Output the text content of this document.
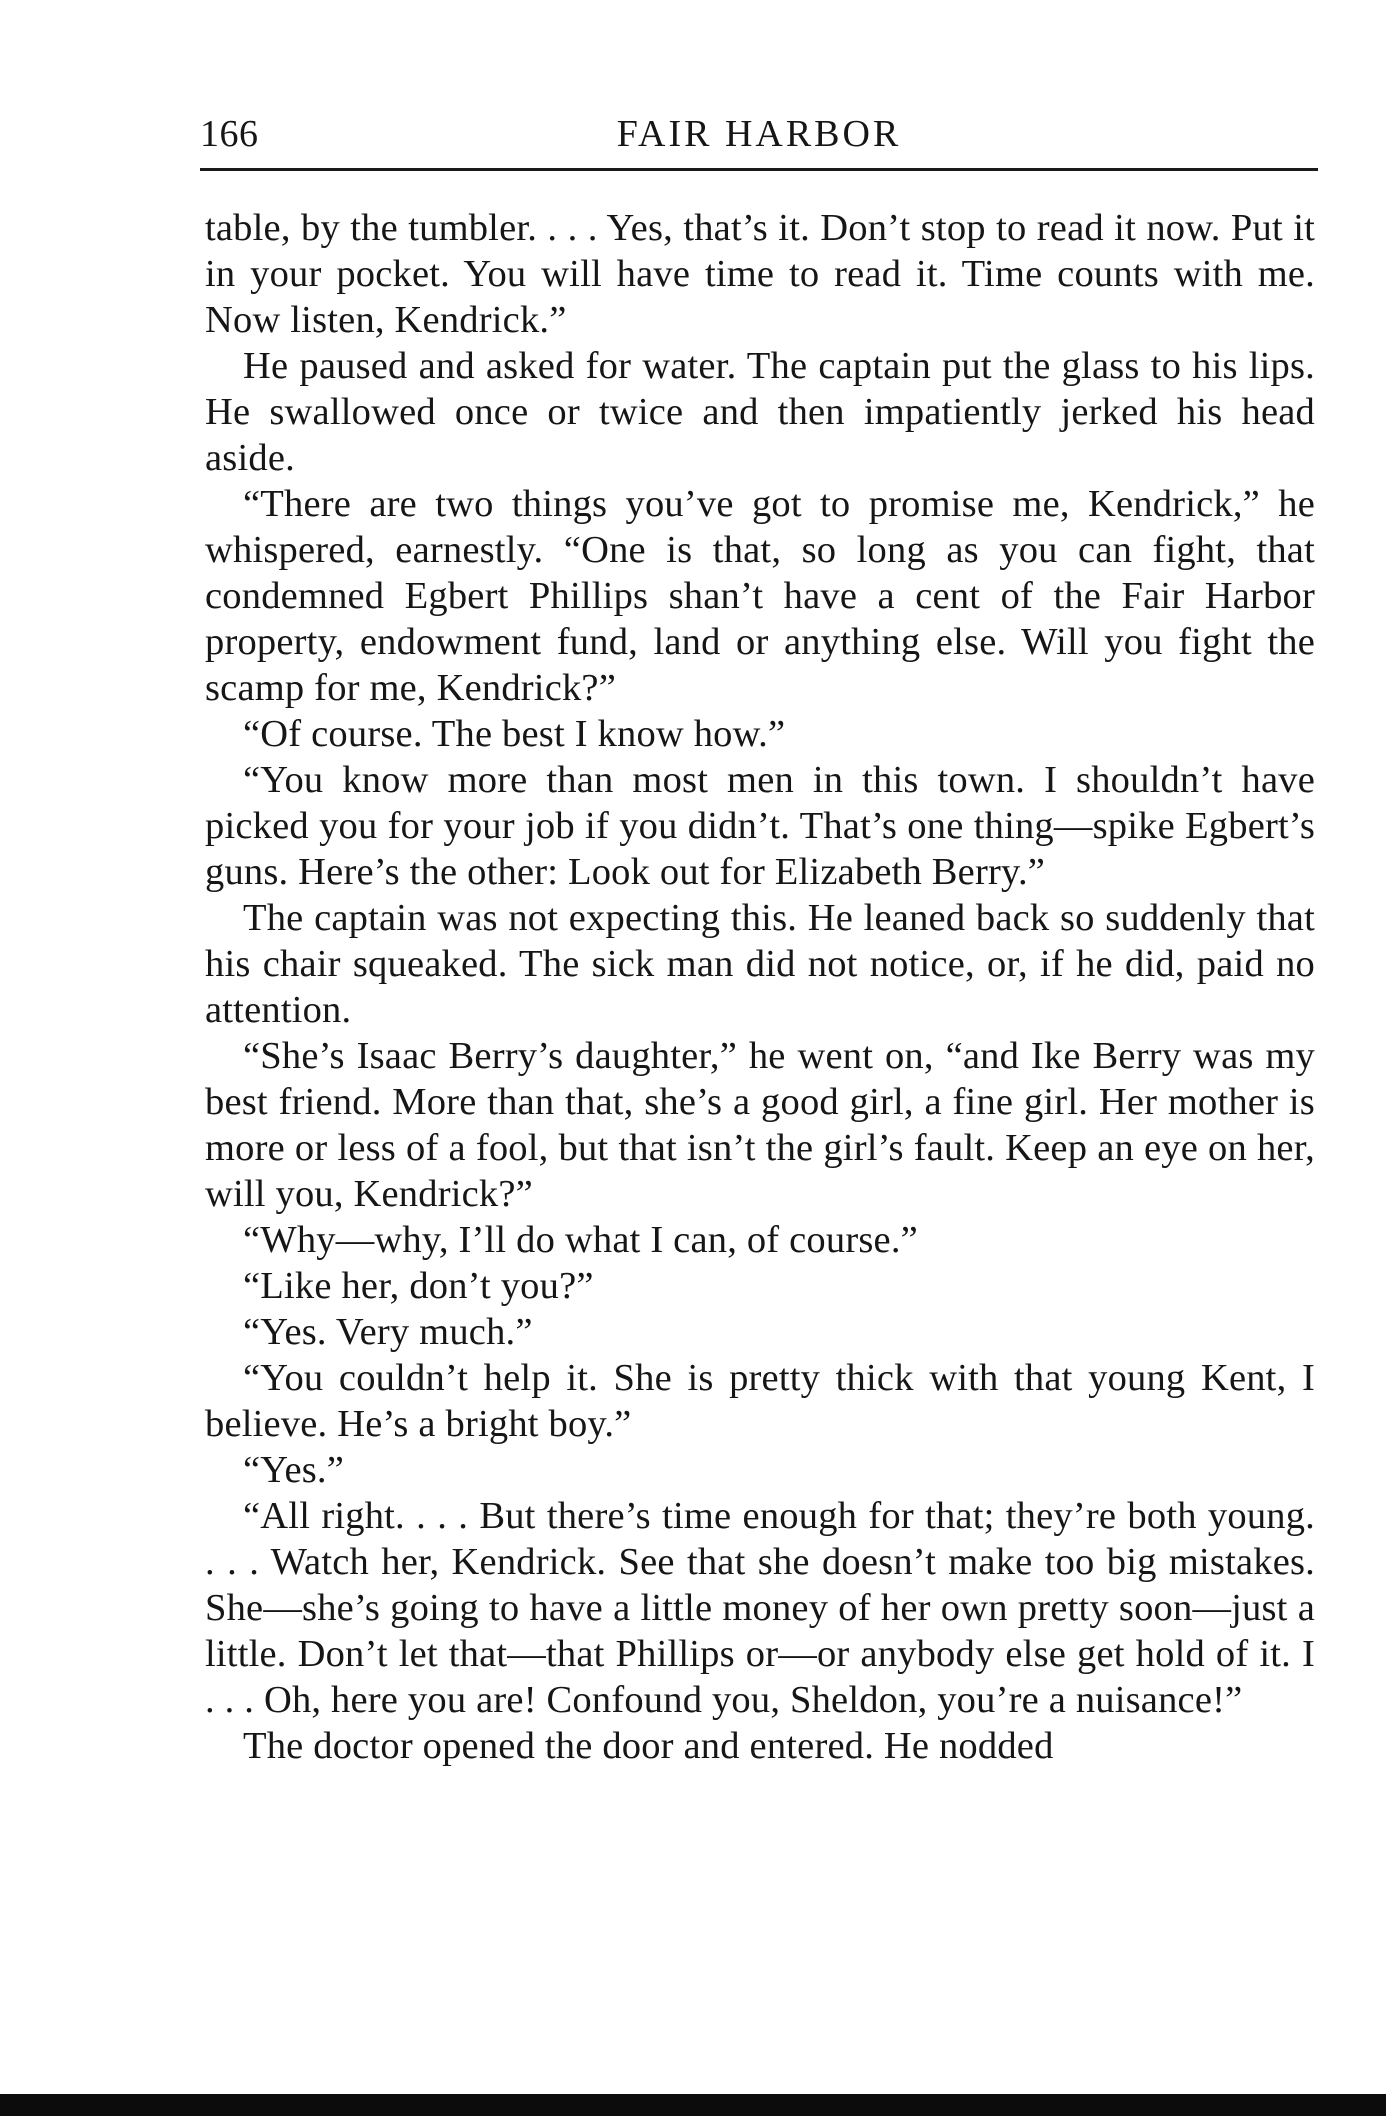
166	FAIR HARBOR

table, by the tumbler. . . . Yes, that’s it. Don’t stop to read it now. Put it in your pocket. You will have time to read it. Time counts with me. Now listen, Kendrick.”

He paused and asked for water. The captain put the glass to his lips. He swallowed once or twice and then impatiently jerked his head aside.

“There are two things you’ve got to promise me, Kendrick,” he whispered, earnestly. “One is that, so long as you can fight, that condemned Egbert Phillips shan’t have a cent of the Fair Harbor property, endowment fund, land or anything else. Will you fight the scamp for me, Kendrick?”

“Of course. The best I know how.”

“You know more than most men in this town. I shouldn’t have picked you for your job if you didn’t. That’s one thing—spike Egbert’s guns. Here’s the other: Look out for Elizabeth Berry.”

The captain was not expecting this. He leaned back so suddenly that his chair squeaked. The sick man did not notice, or, if he did, paid no attention.

“She’s Isaac Berry’s daughter,” he went on, “and Ike Berry was my best friend. More than that, she’s a good girl, a fine girl. Her mother is more or less of a fool, but that isn’t the girl’s fault. Keep an eye on her, will you, Kendrick?”

“Why—why, I’ll do what I can, of course.”

“Like her, don’t you?”

“Yes. Very much.”

“You couldn’t help it. She is pretty thick with that young Kent, I believe. He’s a bright boy.”

“Yes.”

“All right. . . . But there’s time enough for that; they’re both young. . . . Watch her, Kendrick. See that she doesn’t make too big mistakes. She—she’s going to have a little money of her own pretty soon—just a little. Don’t let that—that Phillips or—or anybody else get hold of it. I . . . Oh, here you are! Confound you, Sheldon, you’re a nuisance!”

The doctor opened the door and entered. He nodded
